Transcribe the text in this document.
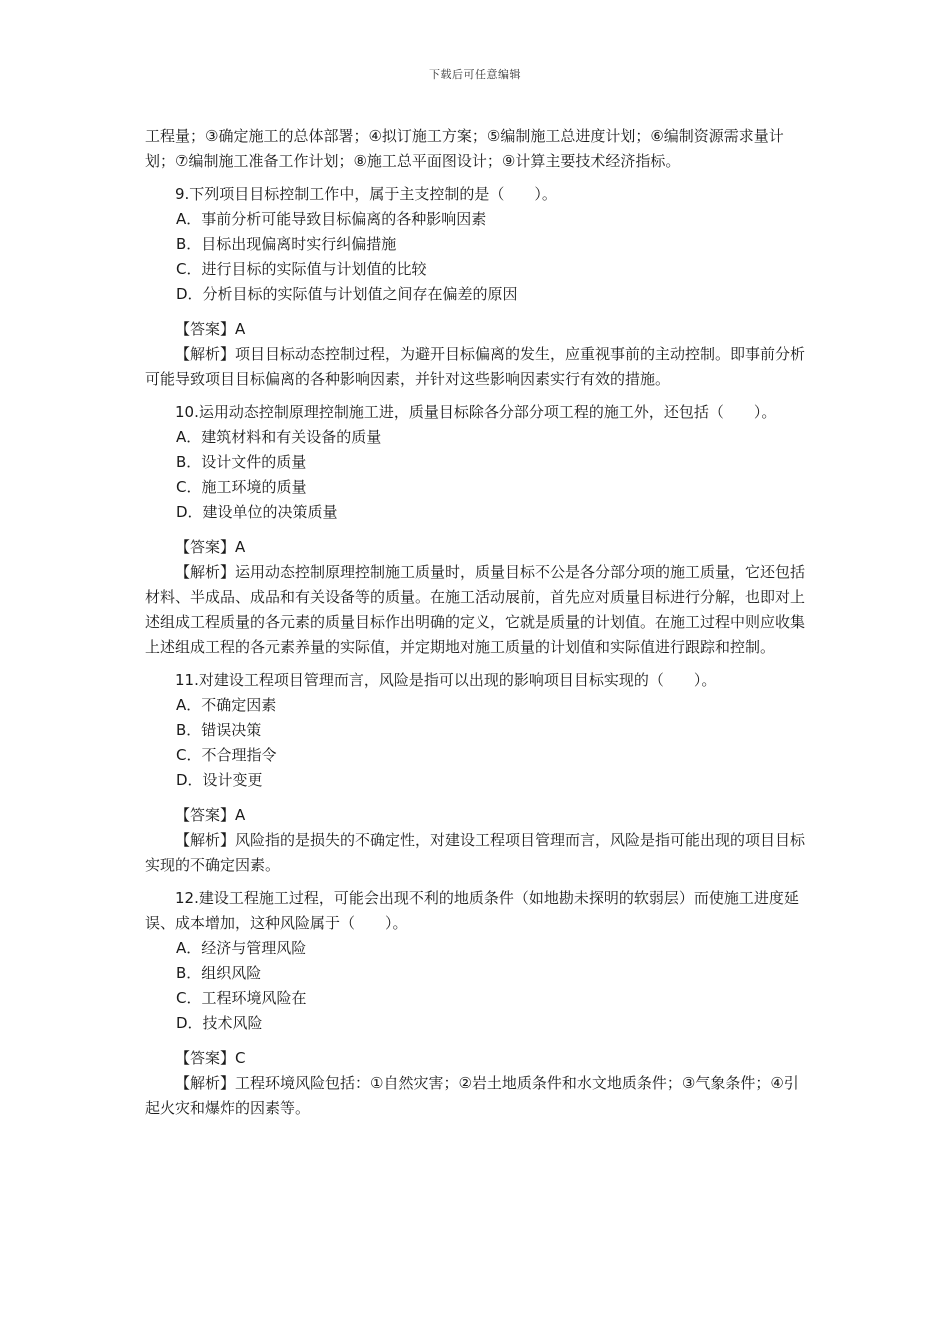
下载后可任意编辑

工程量；③确定施工的总体部署；④拟订施工方案；⑤编制施工总进度计划；⑥编制资源需求量计划；⑦编制施工准备工作计划；⑧施工总平面图设计；⑨计算主要技术经济指标。

9.下列项目目标控制工作中，属于主支控制的是（　　）。

A．事前分析可能导致目标偏离的各种影响因素

B．目标出现偏离时实行纠偏措施

C．进行目标的实际值与计划值的比较

D．分析目标的实际值与计划值之间存在偏差的原因

【答案】A

【解析】项目目标动态控制过程，为避开目标偏离的发生，应重视事前的主动控制。即事前分析可能导致项目目标偏离的各种影响因素，并针对这些影响因素实行有效的措施。

10.运用动态控制原理控制施工进，质量目标除各分部分项工程的施工外，还包括（　　）。

A．建筑材料和有关设备的质量

B．设计文件的质量

C．施工环境的质量

D．建设单位的决策质量

【答案】A

【解析】运用动态控制原理控制施工质量时，质量目标不公是各分部分项的施工质量，它还包括材料、半成品、成品和有关设备等的质量。在施工活动展前，首先应对质量目标进行分解，也即对上述组成工程质量的各元素的质量目标作出明确的定义，它就是质量的计划值。在施工过程中则应收集上述组成工程的各元素养量的实际值，并定期地对施工质量的计划值和实际值进行跟踪和控制。

11.对建设工程项目管理而言，风险是指可以出现的影响项目目标实现的（　　）。

A．不确定因素

B．错误决策

C．不合理指令

D．设计变更

【答案】A

【解析】风险指的是损失的不确定性，对建设工程项目管理而言，风险是指可能出现的项目目标实现的不确定因素。

12.建设工程施工过程，可能会出现不利的地质条件（如地勘未探明的软弱层）而使施工进度延误、成本增加，这种风险属于（　　）。

A．经济与管理风险

B．组织风险

C．工程环境风险在

D．技术风险

【答案】C

【解析】工程环境风险包括：①自然灾害；②岩土地质条件和水文地质条件；③气象条件；④引起火灾和爆炸的因素等。
